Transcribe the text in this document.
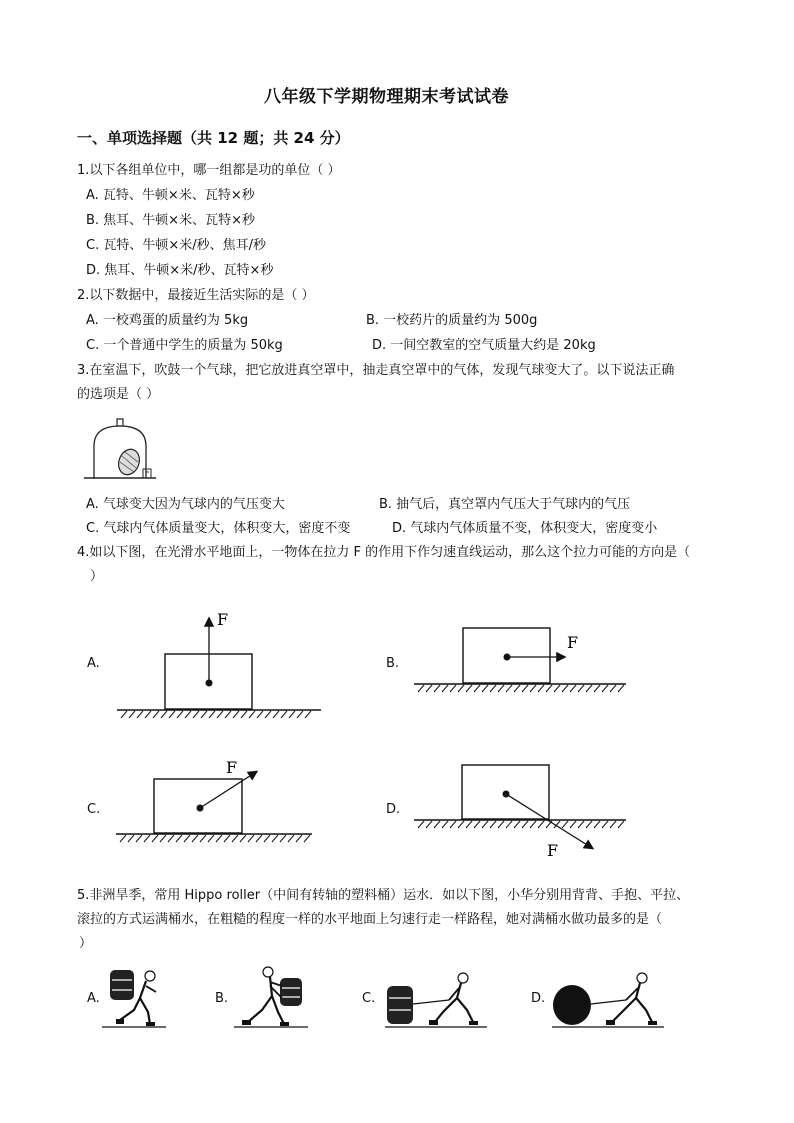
八年级下学期物理期末考试试卷
一、单项选择题（共 12 题；共 24 分）
1.以下各组单位中，哪一组都是功的单位（ ）
A. 瓦特、牛顿×米、瓦特×秒
B. 焦耳、牛顿×米、瓦特×秒
C. 瓦特、牛顿×米/秒、焦耳/秒
D. 焦耳、牛顿×米/秒、瓦特×秒
2.以下数据中，最接近生活实际的是（ ）
A. 一校鸡蛋的质量约为 5kg	B. 一校药片的质量约为 500g
C. 一个普通中学生的质量为 50kg	D. 一间空教室的空气质量大约是 20kg
3.在室温下，吹鼓一个气球，把它放进真空罩中，抽走真空罩中的气体，发现气球变大了。以下说法正确
的选项是（ ）
A. 气球变大因为气球内的气压变大	B. 抽气后，真空罩内气压大于气球内的气压
C. 气球内气体质量变大，体积变大，密度不变	D. 气球内气体质量不变，体积变大，密度变小
4.如以下图，在光滑水平地面上，一物体在拉力 F 的作用下作匀速直线运动，那么这个拉力可能的方向是（
）
A.
F
B.
F
C.
F
D.
F
5.非洲旱季，常用 Hippo roller（中间有转轴的塑料桶）运水．如以下图，小华分别用背背、手抱、平拉、
滚拉的方式运满桶水，在粗糙的程度一样的水平地面上匀速行走一样路程，她对满桶水做功最多的是（
）
A.	B.	C.	D.
